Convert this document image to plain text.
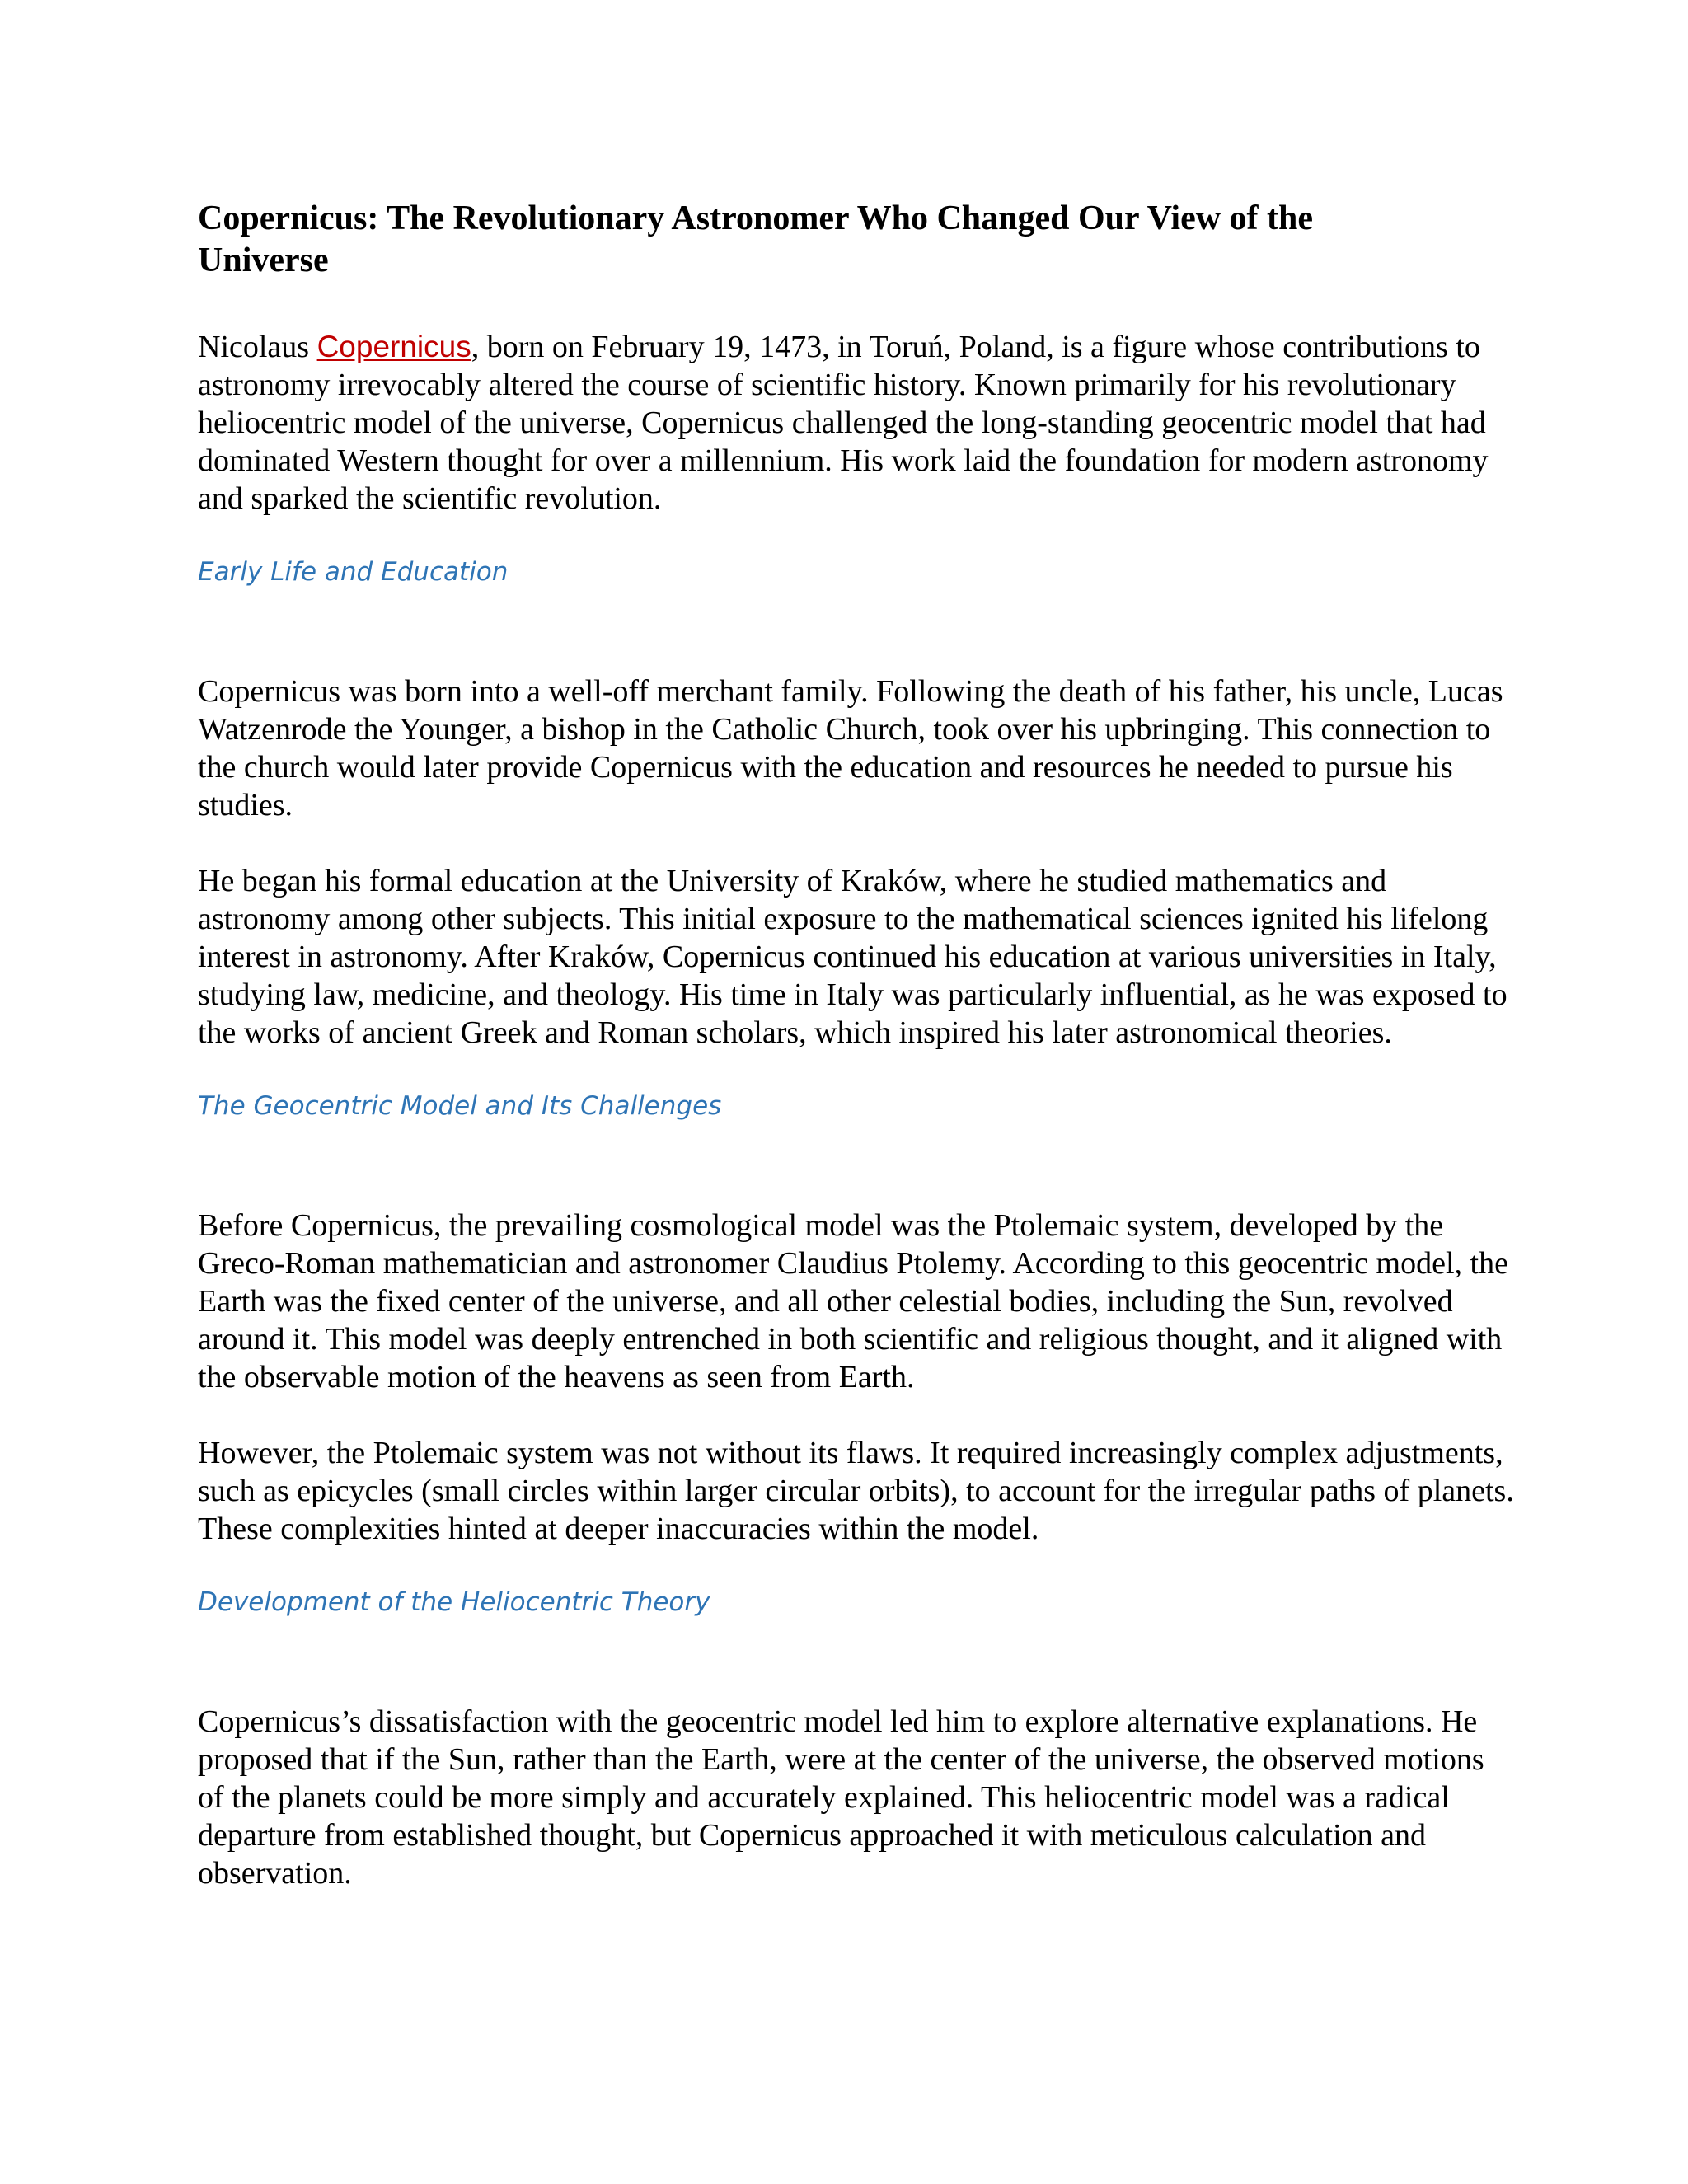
Copernicus: The Revolutionary Astronomer Who Changed Our View of the Universe

Nicolaus Copernicus, born on February 19, 1473, in Toruń, Poland, is a figure whose contributions to astronomy irrevocably altered the course of scientific history. Known primarily for his revolutionary heliocentric model of the universe, Copernicus challenged the long-standing geocentric model that had dominated Western thought for over a millennium. His work laid the foundation for modern astronomy and sparked the scientific revolution.

Early Life and Education

Copernicus was born into a well-off merchant family. Following the death of his father, his uncle, Lucas Watzenrode the Younger, a bishop in the Catholic Church, took over his upbringing. This connection to the church would later provide Copernicus with the education and resources he needed to pursue his studies.

He began his formal education at the University of Kraków, where he studied mathematics and astronomy among other subjects. This initial exposure to the mathematical sciences ignited his lifelong interest in astronomy. After Kraków, Copernicus continued his education at various universities in Italy, studying law, medicine, and theology. His time in Italy was particularly influential, as he was exposed to the works of ancient Greek and Roman scholars, which inspired his later astronomical theories.

The Geocentric Model and Its Challenges

Before Copernicus, the prevailing cosmological model was the Ptolemaic system, developed by the Greco-Roman mathematician and astronomer Claudius Ptolemy. According to this geocentric model, the Earth was the fixed center of the universe, and all other celestial bodies, including the Sun, revolved around it. This model was deeply entrenched in both scientific and religious thought, and it aligned with the observable motion of the heavens as seen from Earth.

However, the Ptolemaic system was not without its flaws. It required increasingly complex adjustments, such as epicycles (small circles within larger circular orbits), to account for the irregular paths of planets. These complexities hinted at deeper inaccuracies within the model.

Development of the Heliocentric Theory

Copernicus’s dissatisfaction with the geocentric model led him to explore alternative explanations. He proposed that if the Sun, rather than the Earth, were at the center of the universe, the observed motions of the planets could be more simply and accurately explained. This heliocentric model was a radical departure from established thought, but Copernicus approached it with meticulous calculation and observation.
